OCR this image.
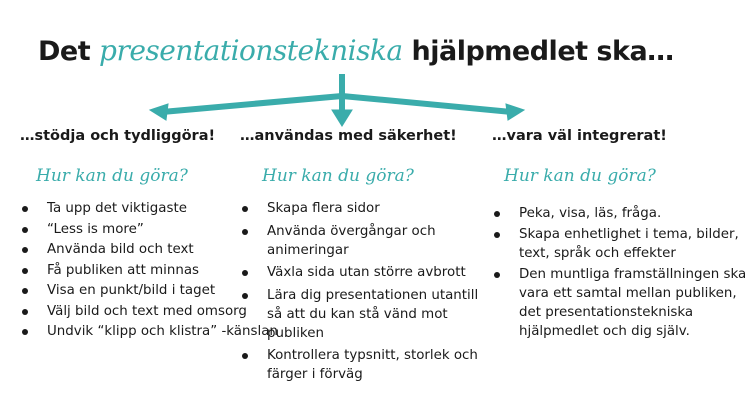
Det presentationstekniska hjälpmedlet ska…
…stödja och tydliggöra!
Hur kan du göra?
Ta upp det viktigaste
“Less is more”
Använda bild och text
Få publiken att minnas
Visa en punkt/bild i taget
Välj bild och text med omsorg
Undvik “klipp och klistra” -känslan
…användas med säkerhet!
Hur kan du göra?
Skapa flera sidor
Använda övergångar och animeringar
Växla sida utan större avbrott
Lära dig presentationen utantill så att du kan stå vänd mot publiken
Kontrollera typsnitt, storlek och färger i förväg
…vara väl integrerat!
Hur kan du göra?
Peka, visa, läs, fråga.
Skapa enhetlighet i tema, bilder, text, språk och effekter
Den muntliga framställningen ska vara ett samtal mellan publiken, det presentationstekniska hjälpmedlet och dig själv.
